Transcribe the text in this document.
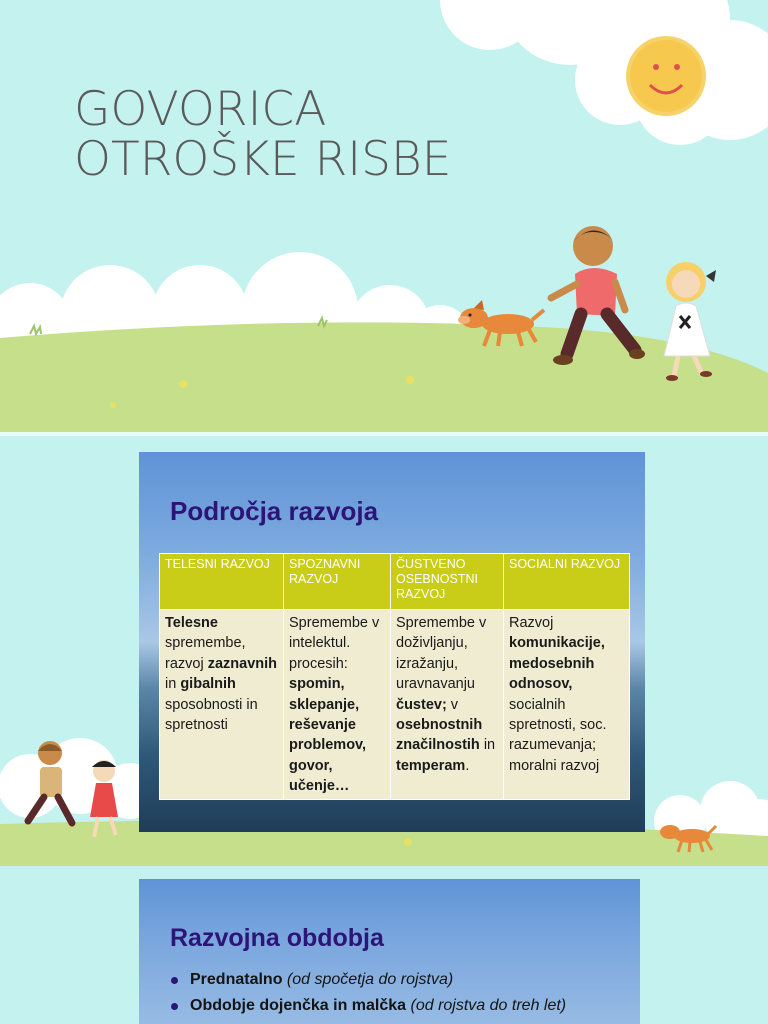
GOVORICA
OTROŠKE RISBE
Področja razvoja
TELESNI RAZVOJ	SPOZNAVNI RAZVOJ	ČUSTVENO OSEBNOSTNI RAZVOJ	SOCIALNI RAZVOJ
Telesne spremembe, razvoj zaznavnih in gibalnih sposobnosti in spretnosti	Spremembe v intelektul. procesih: spomin, sklepanje, reševanje problemov, govor, učenje…	Spremembe v doživljanju, izražanju, uravnavanju čustev; v osebnostnih značilnostih in temperam.	Razvoj komunikacije, medosebnih odnosov, socialnih spretnosti, soc. razumevanja; moralni razvoj
Razvojna obdobja
Prednatalno (od spočetja do rojstva)
Obdobje dojenčka in malčka (od rojstva do treh let)
